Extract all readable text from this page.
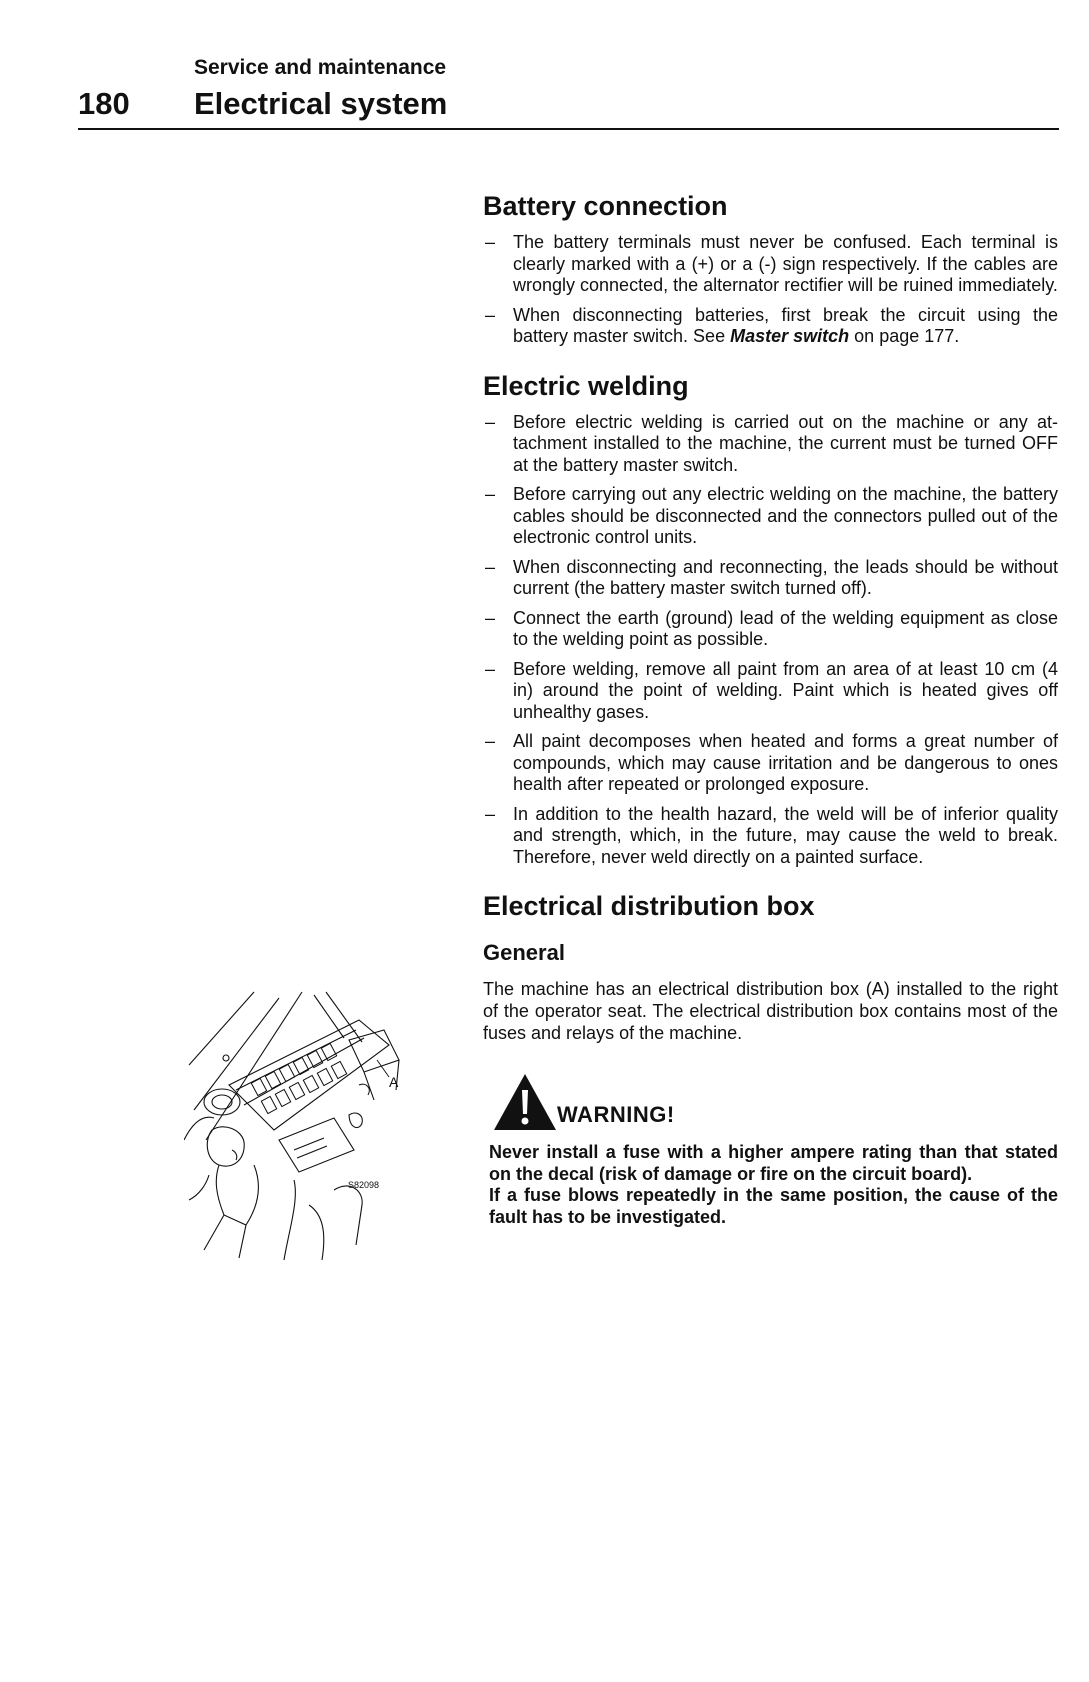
Service and maintenance
180 Electrical system
A
S82098
Battery connection
– The battery terminals must never be confused. Each terminal is clearly marked with a (+) or a (-) sign respectively. If the cables are wrongly connected, the alternator rectifier will be ruined immediately.
– When disconnecting batteries, first break the circuit using the battery master switch. See Master switch on page 177.
Electric welding
– Before electric welding is carried out on the machine or any attachment installed to the machine, the current must be turned OFF at the battery master switch.
– Before carrying out any electric welding on the machine, the battery cables should be disconnected and the connectors pulled out of the electronic control units.
– When disconnecting and reconnecting, the leads should be without current (the battery master switch turned off).
– Connect the earth (ground) lead of the welding equipment as close to the welding point as possible.
– Before welding, remove all paint from an area of at least 10 cm (4 in) around the point of welding. Paint which is heated gives off unhealthy gases.
– All paint decomposes when heated and forms a great number of compounds, which may cause irritation and be dangerous to ones health after repeated or prolonged exposure.
– In addition to the health hazard, the weld will be of inferior quality and strength, which, in the future, may cause the weld to break. Therefore, never weld directly on a painted surface.
Electrical distribution box
General

The machine has an electrical distribution box (A) installed to the right of the operator seat. The electrical distribution box contains most of the fuses and relays of the machine.

WARNING!

Never install a fuse with a higher ampere rating than that stated on the decal (risk of damage or fire on the circuit board).

If a fuse blows repeatedly in the same position, the cause of the fault has to be investigated.
